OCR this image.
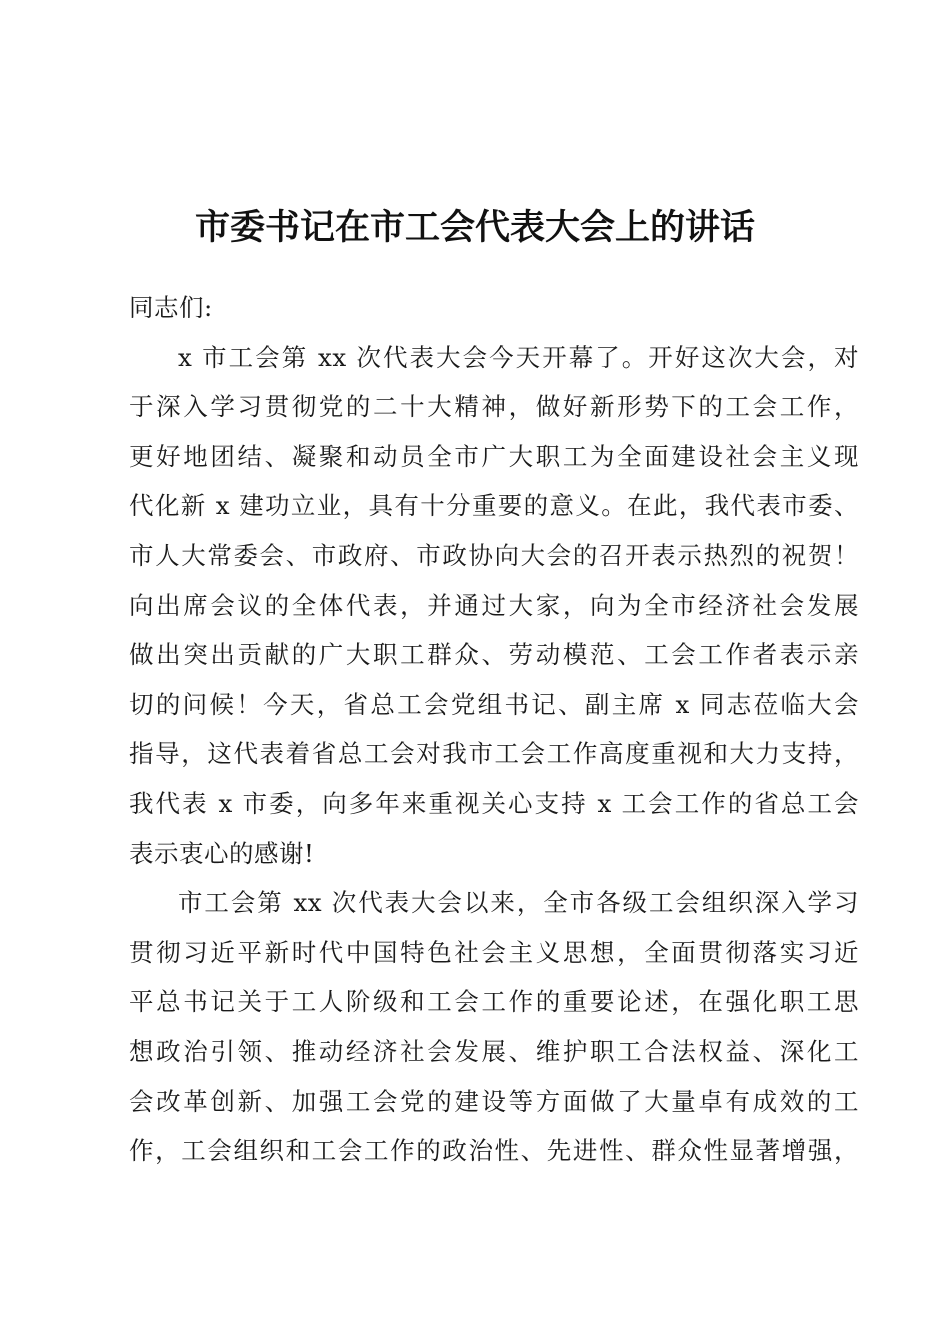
市委书记在市工会代表大会上的讲话
同志们:
x 市工会第 xx 次代表大会今天开幕了。开好这次大会，对
于深入学习贯彻党的二十大精神，做好新形势下的工会工作，
更好地团结、凝聚和动员全市广大职工为全面建设社会主义现
代化新 x 建功立业，具有十分重要的意义。在此，我代表市委、
市人大常委会、市政府、市政协向大会的召开表示热烈的祝贺！
向出席会议的全体代表，并通过大家，向为全市经济社会发展
做出突出贡献的广大职工群众、劳动模范、工会工作者表示亲
切的问候！今天，省总工会党组书记、副主席 x 同志莅临大会
指导，这代表着省总工会对我市工会工作高度重视和大力支持，
我代表 x 市委，向多年来重视关心支持 x 工会工作的省总工会
表示衷心的感谢!
市工会第 xx 次代表大会以来，全市各级工会组织深入学习
贯彻习近平新时代中国特色社会主义思想，全面贯彻落实习近
平总书记关于工人阶级和工会工作的重要论述，在强化职工思
想政治引领、推动经济社会发展、维护职工合法权益、深化工
会改革创新、加强工会党的建设等方面做了大量卓有成效的工
作，工会组织和工会工作的政治性、先进性、群众性显著增强，
